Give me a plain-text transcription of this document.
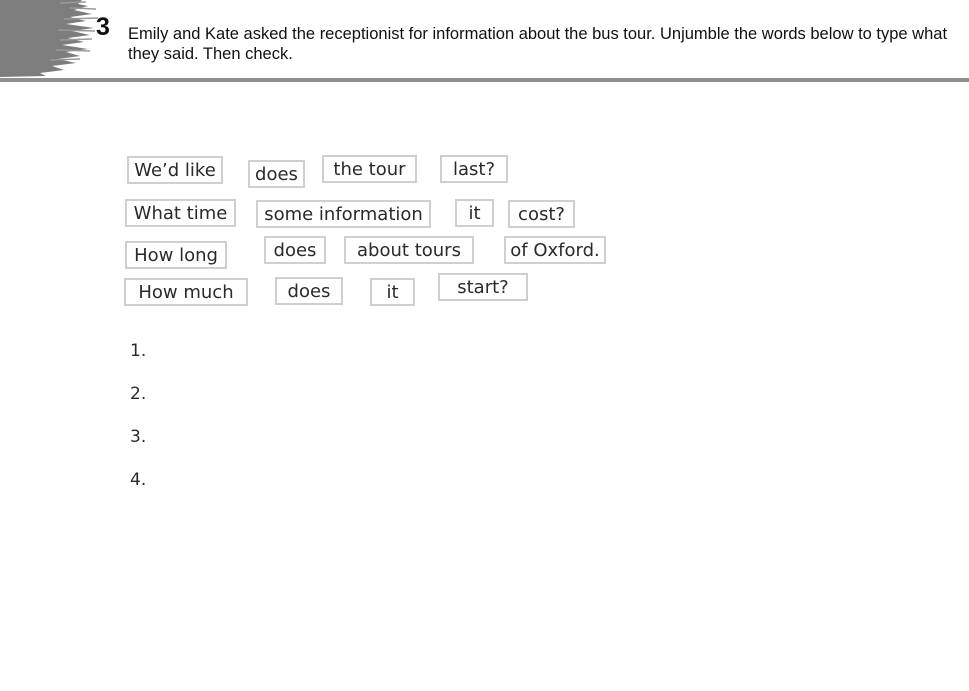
3 Emily and Kate asked the receptionist for information about the bus tour. Unjumble the words below to type what they said. Then check.
We’d like	does	the tour	last?
What time	some information	it	cost?
How long	does	about tours	of Oxford.
How much	does	it	start?
1.
2.
3.
4.
